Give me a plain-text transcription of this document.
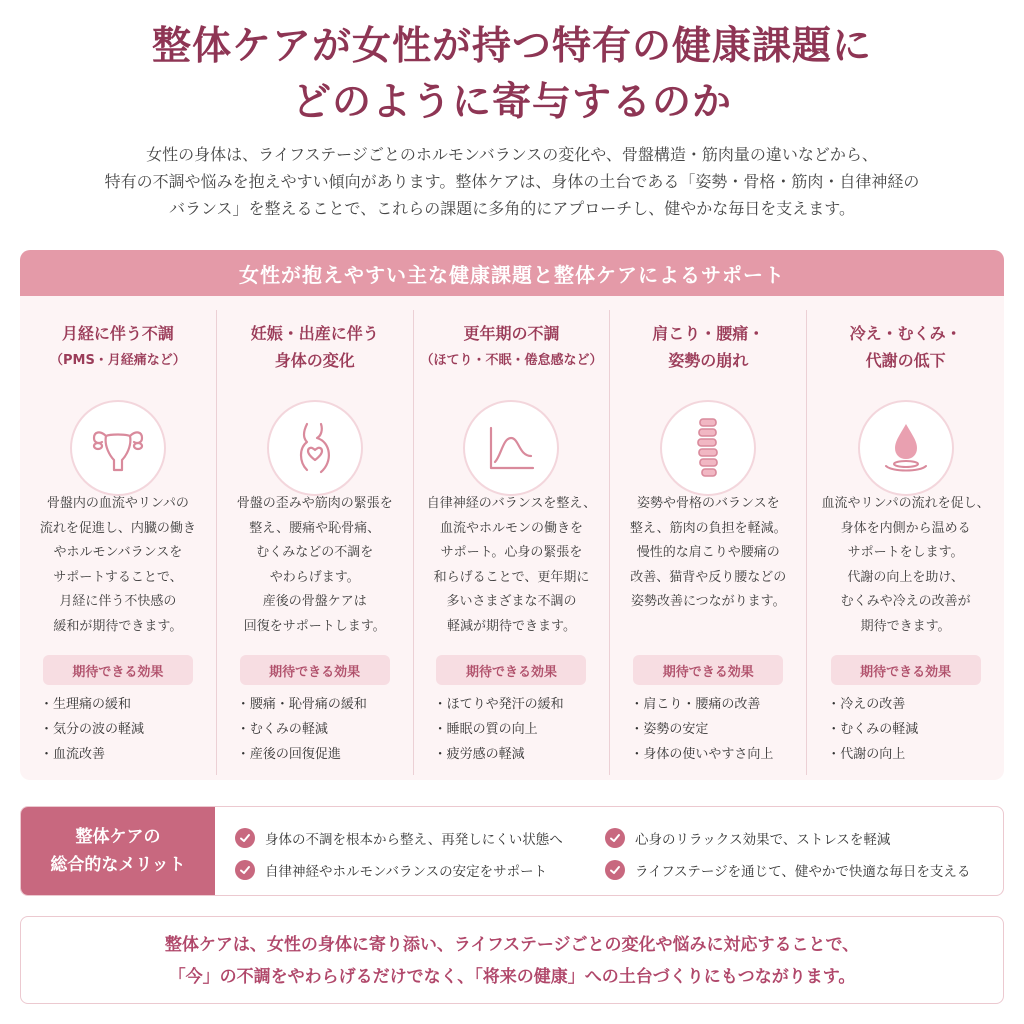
整体ケアが女性が持つ特有の健康課題に
どのように寄与するのか
女性の身体は、ライフステージごとのホルモンバランスの変化や、骨盤構造・筋肉量の違いなどから、
特有の不調や悩みを抱えやすい傾向があります。整体ケアは、身体の土台である「姿勢・骨格・筋肉・自律神経の
バランス」を整えることで、これらの課題に多角的にアプローチし、健やかな毎日を支えます。
女性が抱えやすい主な健康課題と整体ケアによるサポート
月経に伴う不調
（PMS・月経痛など）
骨盤内の血流やリンパの
流れを促進し、内臓の働き
やホルモンバランスを
サポートすることで、
月経に伴う不快感の
緩和が期待できます。
期待できる効果
・ 生理痛の緩和
・ 気分の波の軽減
・ 血流改善
妊娠・出産に伴う
身体の変化
骨盤の歪みや筋肉の緊張を
整え、腰痛や恥骨痛、
むくみなどの不調を
やわらげます。
産後の骨盤ケアは
回復をサポートします。
期待できる効果
・ 腰痛・恥骨痛の緩和
・ むくみの軽減
・ 産後の回復促進
更年期の不調
（ほてり・不眠・倦怠感など）
自律神経のバランスを整え、
血流やホルモンの働きを
サポート。心身の緊張を
和らげることで、更年期に
多いさまざまな不調の
軽減が期待できます。
期待できる効果
・ ほてりや発汗の緩和
・ 睡眠の質の向上
・ 疲労感の軽減
肩こり・腰痛・
姿勢の崩れ
姿勢や骨格のバランスを
整え、筋肉の負担を軽減。
慢性的な肩こりや腰痛の
改善、猫背や反り腰などの
姿勢改善につながります。
期待できる効果
・ 肩こり・腰痛の改善
・ 姿勢の安定
・ 身体の使いやすさ向上
冷え・むくみ・
代謝の低下
血流やリンパの流れを促し、
身体を内側から温める
サポートをします。
代謝の向上を助け、
むくみや冷えの改善が
期待できます。
期待できる効果
・ 冷えの改善
・ むくみの軽減
・ 代謝の向上
整体ケアの
総合的なメリット
身体の不調を根本から整え、再発しにくい状態へ	心身のリラックス効果で、ストレスを軽減
自律神経やホルモンバランスの安定をサポート	ライフステージを通じて、健やかで快適な毎日を支える
整体ケアは、女性の身体に寄り添い、ライフステージごとの変化や悩みに対応することで、
「今」の不調をやわらげるだけでなく、「将来の健康」への土台づくりにもつながります。
